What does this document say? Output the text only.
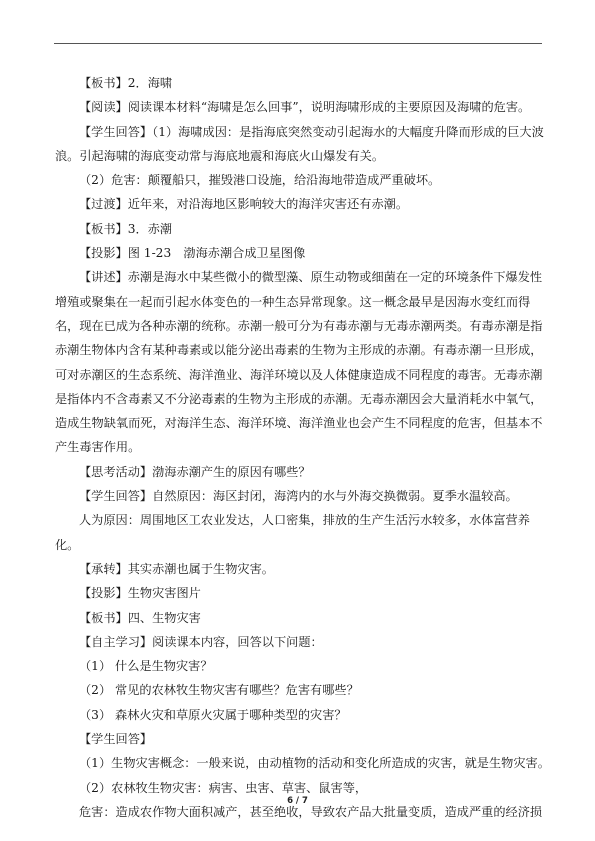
【板书】2．海啸
【阅读】阅读课本材料“海啸是怎么回事”，说明海啸形成的主要原因及海啸的危害。
【学生回答】（1）海啸成因：是指海底突然变动引起海水的大幅度升降而形成的巨大波
浪。引起海啸的海底变动常与海底地震和海底火山爆发有关。
（2）危害：颠覆船只，摧毁港口设施，给沿海地带造成严重破坏。
【过渡】近年来，对沿海地区影响较大的海洋灾害还有赤潮。
【板书】3．赤潮
【投影】图 1-23　渤海赤潮合成卫星图像
【讲述】赤潮是海水中某些微小的微型藻、原生动物或细菌在一定的环境条件下爆发性
增殖或聚集在一起而引起水体变色的一种生态异常现象。这一概念最早是因海水变红而得
名，现在已成为各种赤潮的统称。赤潮一般可分为有毒赤潮与无毒赤潮两类。有毒赤潮是指
赤潮生物体内含有某种毒素或以能分泌出毒素的生物为主形成的赤潮。有毒赤潮一旦形成，
可对赤潮区的生态系统、海洋渔业、海洋环境以及人体健康造成不同程度的毒害。无毒赤潮
是指体内不含毒素又不分泌毒素的生物为主形成的赤潮。无毒赤潮因会大量消耗水中氧气，
造成生物缺氧而死，对海洋生态、海洋环境、海洋渔业也会产生不同程度的危害，但基本不
产生毒害作用。
【思考活动】渤海赤潮产生的原因有哪些？
【学生回答】自然原因：海区封闭，海湾内的水与外海交换微弱。夏季水温较高。
人为原因：周围地区工农业发达，人口密集，排放的生产生活污水较多，水体富营养
化。
【承转】其实赤潮也属于生物灾害。
【投影】生物灾害图片
【板书】四、生物灾害
【自主学习】阅读课本内容，回答以下问题：
（1） 什么是生物灾害？
（2） 常见的农林牧生物灾害有哪些？危害有哪些？
（3） 森林火灾和草原火灾属于哪种类型的灾害？
【学生回答】
（1）生物灾害概念：一般来说，由动植物的活动和变化所造成的灾害，就是生物灾害。
（2）农林牧生物灾害：病害、虫害、草害、鼠害等，
危害：造成农作物大面积减产，甚至绝收，导致农产品大批量变质，造成严重的经济损
6 / 7
